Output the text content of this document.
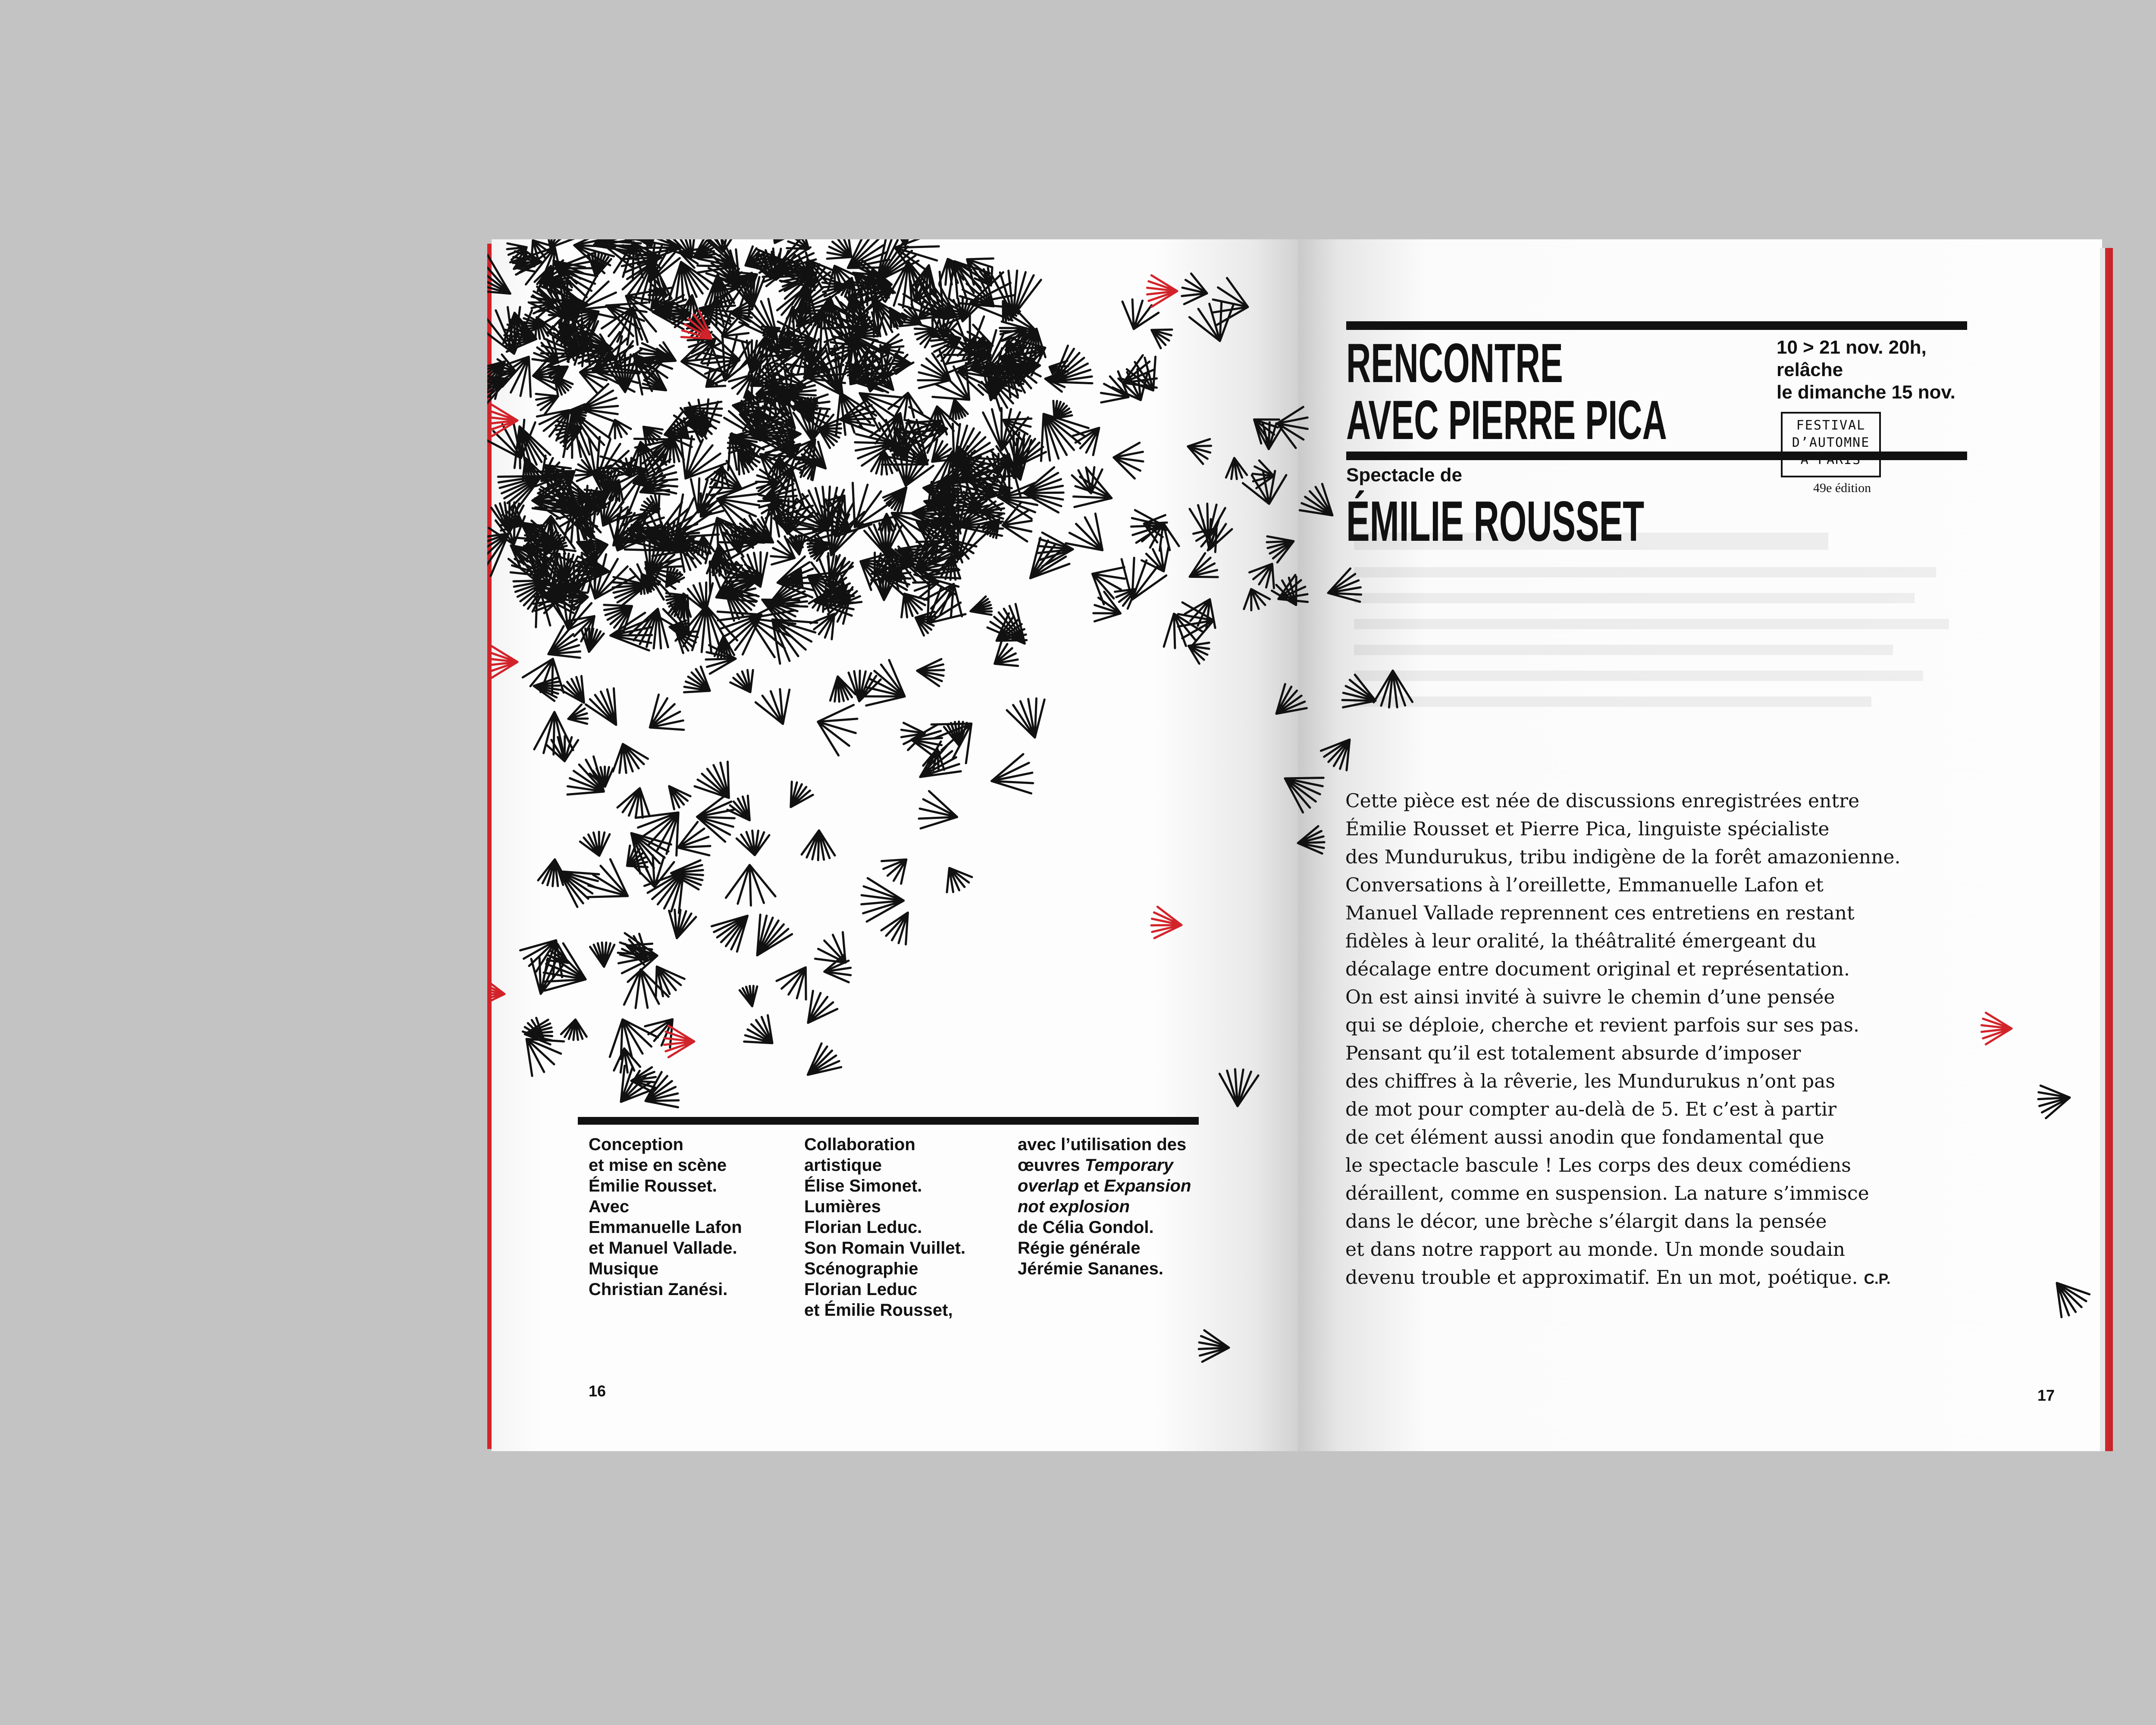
Conception
et mise en scène
Émilie Rousset.
Avec
Emmanuelle Lafon
et Manuel Vallade.
Musique
Christian Zanési.
Collaboration
artistique
Élise Simonet.
Lumières
Florian Leduc.
Son Romain Vuillet.
Scénographie
Florian Leduc
et Émilie Rousset,
avec l’utilisation des
œuvres Temporary
overlap et Expansion
not explosion
de Célia Gondol.
Régie générale
Jérémie Sananes.
16
RENCONTRE
AVEC PIERRE PICA
10 > 21 nov. 20h,
relâche
le dimanche 15 nov.
FESTIVAL
D’AUTOMNE
49e édition
Spectacle de
ÉMILIE ROUSSET
Cette pièce est née de discussions enregistrées entre
Émilie Rousset et Pierre Pica, linguiste spécialiste
des Mundurukus, tribu indigène de la forêt amazonienne.
Conversations à l’oreillette, Emmanuelle Lafon et
Manuel Vallade reprennent ces entretiens en restant
fidèles à leur oralité, la théâtralité émergeant du
décalage entre document original et représentation.
On est ainsi invité à suivre le chemin d’une pensée
qui se déploie, cherche et revient parfois sur ses pas.
Pensant qu’il est totalement absurde d’imposer
des chiffres à la rêverie, les Mundurukus n’ont pas
de mot pour compter au-delà de 5. Et c’est à partir
de cet élément aussi anodin que fondamental que
le spectacle bascule ! Les corps des deux comédiens
déraillent, comme en suspension. La nature s’immisce
dans le décor, une brèche s’élargit dans la pensée
et dans notre rapport au monde. Un monde soudain
devenu trouble et approximatif. En un mot, poétique. C.P.
17
